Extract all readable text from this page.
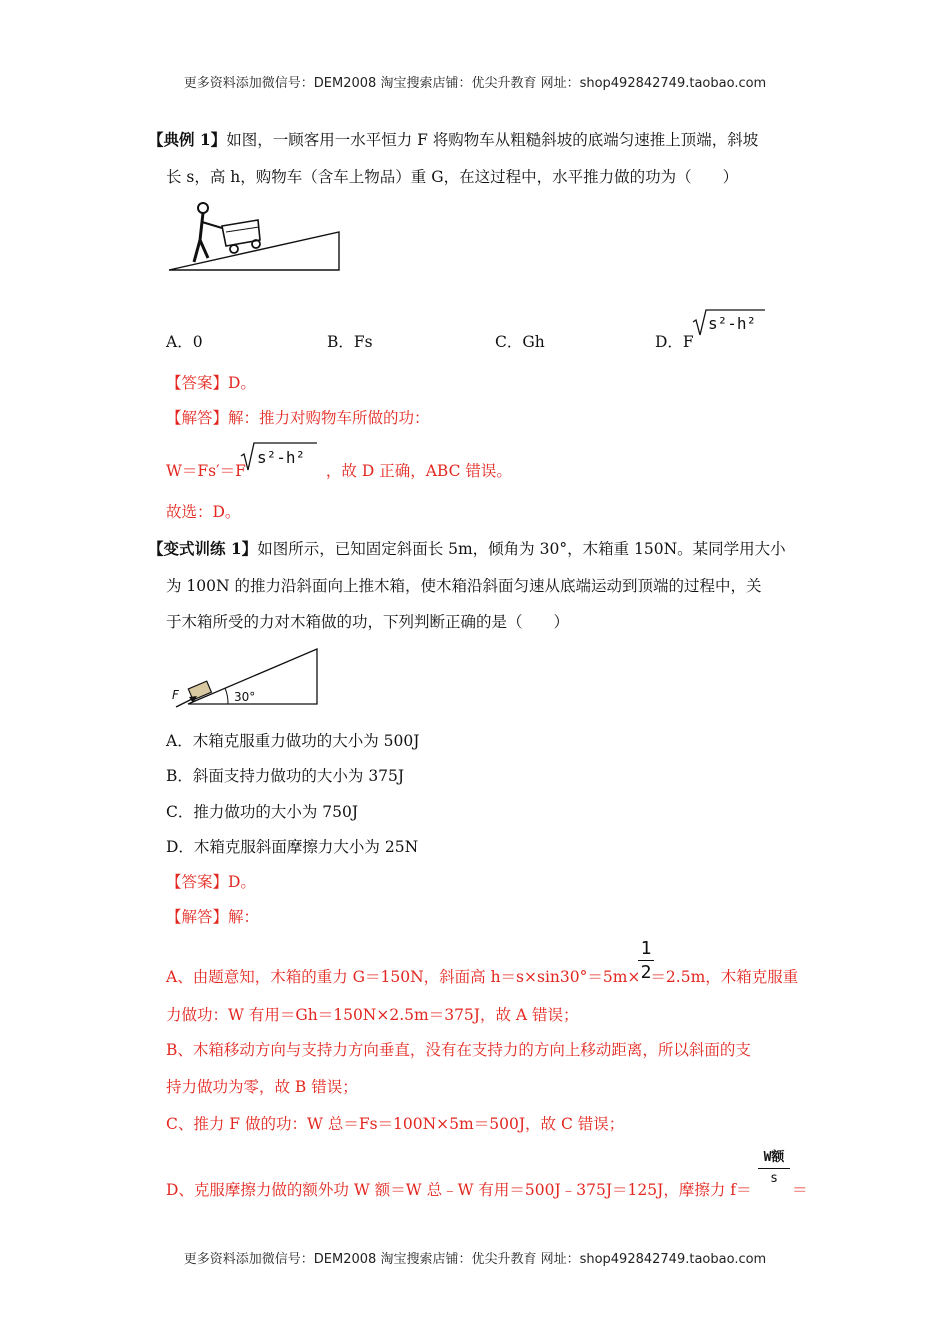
更多资料添加微信号：DEM2008 淘宝搜索店铺：优尖升教育 网址：shop492842749.taobao.com
【典例 1】如图，一顾客用一水平恒力 F 将购物车从粗糙斜坡的底端匀速推上顶端，斜坡
长 s，高 h，购物车（含车上物品）重 G，在这过程中，水平推力做的功为（　　）
A．0	B．Fs	C．Gh	D．F
s²-h²
【答案】D。
【解答】解：推力对购物车所做的功：
W＝Fs′＝F	，故 D 正确，ABC 错误。
s²-h²
故选：D。
【变式训练 1】如图所示，已知固定斜面长 5m，倾角为 30°，木箱重 150N。某同学用大小
为 100N 的推力沿斜面向上推木箱，使木箱沿斜面匀速从底端运动到顶端的过程中，关
于木箱所受的力对木箱做的功，下列判断正确的是（　　）
F	30°
A．木箱克服重力做功的大小为 500J
B．斜面支持力做功的大小为 375J
C．推力做功的大小为 750J
D．木箱克服斜面摩擦力大小为 25N
【答案】D。
【解答】解：
A、由题意知，木箱的重力 G＝150N，斜面高 h＝s×sin30°＝5m× ＝2.5m，木箱克服重
1
2
力做功：W 有用＝Gh＝150N×2.5m＝375J，故 A 错误；
B、木箱移动方向与支持力方向垂直，没有在支持力的方向上移动距离，所以斜面的支
持力做功为零，故 B 错误；
C、推力 F 做的功：W 总＝Fs＝100N×5m＝500J，故 C 错误；
D、克服摩擦力做的额外功 W 额＝W 总﹣W 有用＝500J﹣375J＝125J，摩擦力 f＝
W额
s
＝
更多资料添加微信号：DEM2008 淘宝搜索店铺：优尖升教育 网址：shop492842749.taobao.com
